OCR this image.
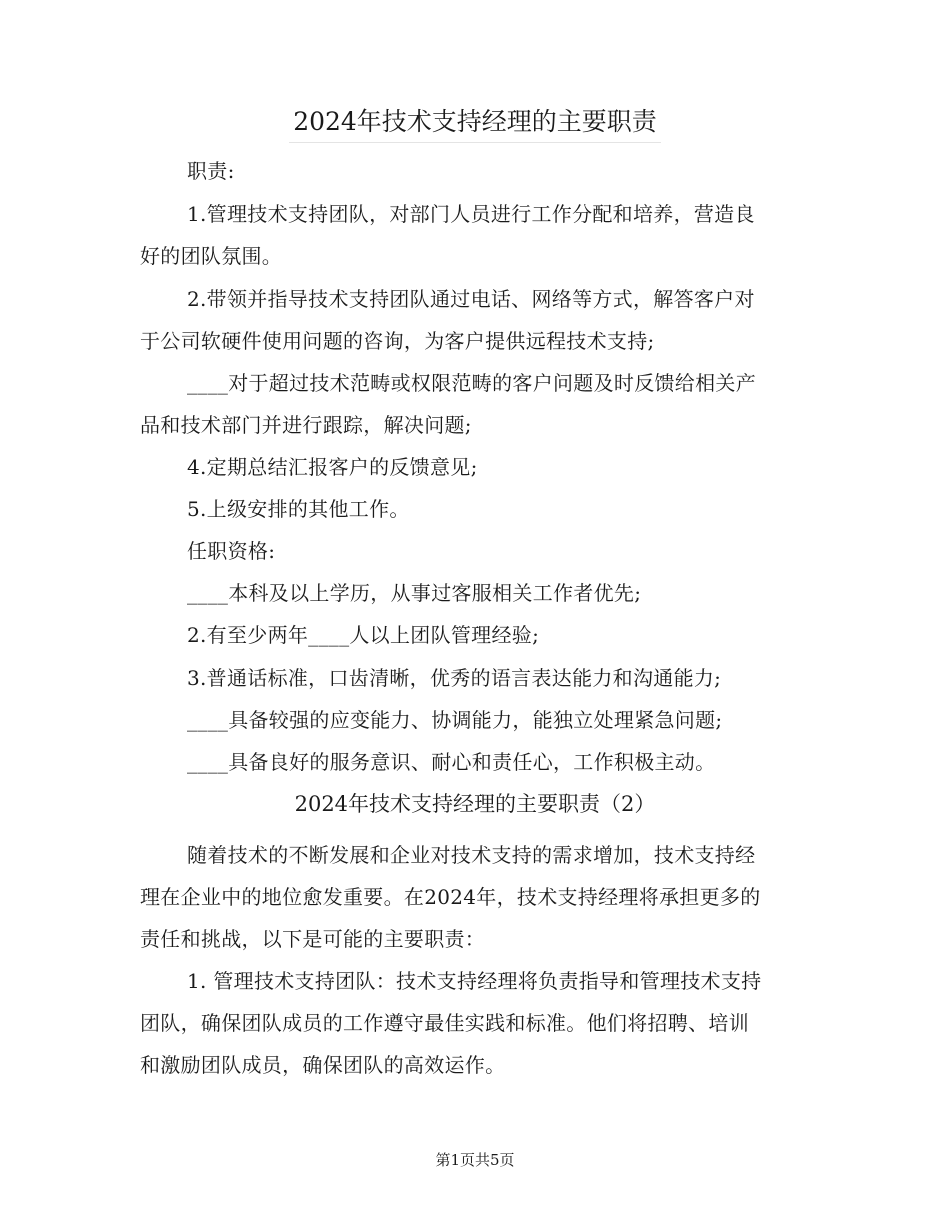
2024年技术支持经理的主要职责
职责:
1.管理技术支持团队，对部门人员进行工作分配和培养，营造良
好的团队氛围。
2.带领并指导技术支持团队通过电话、网络等方式，解答客户对
于公司软硬件使用问题的咨询，为客户提供远程技术支持;
____对于超过技术范畴或权限范畴的客户问题及时反馈给相关产
品和技术部门并进行跟踪，解决问题;
4.定期总结汇报客户的反馈意见;
5.上级安排的其他工作。
任职资格:
____本科及以上学历，从事过客服相关工作者优先;
2.有至少两年____人以上团队管理经验;
3.普通话标准，口齿清晰，优秀的语言表达能力和沟通能力;
____具备较强的应变能力、协调能力，能独立处理紧急问题;
____具备良好的服务意识、耐心和责任心，工作积极主动。
2024年技术支持经理的主要职责（2）
随着技术的不断发展和企业对技术支持的需求增加，技术支持经
理在企业中的地位愈发重要。在2024年，技术支持经理将承担更多的
责任和挑战，以下是可能的主要职责：
1. 管理技术支持团队：技术支持经理将负责指导和管理技术支持
团队，确保团队成员的工作遵守最佳实践和标准。他们将招聘、培训
和激励团队成员，确保团队的高效运作。
第1页共5页
